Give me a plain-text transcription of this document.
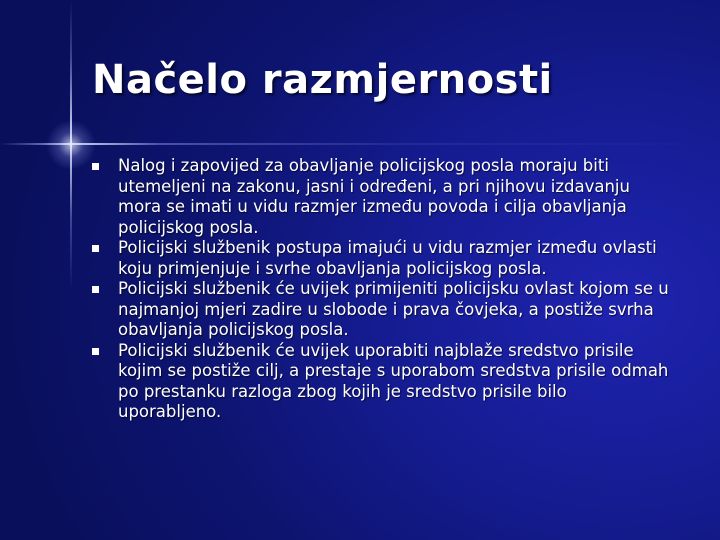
Načelo razmjernosti
Nalog i zapovijed za obavljanje policijskog posla moraju biti utemeljeni na zakonu, jasni i određeni, a pri njihovu izdavanju mora se imati u vidu razmjer između povoda i cilja obavljanja policijskog posla.
Policijski službenik postupa imajući u vidu razmjer između ovlasti koju primjenjuje i svrhe obavljanja policijskog posla.
Policijski službenik će uvijek primijeniti policijsku ovlast kojom se u najmanjoj mjeri zadire u slobode i prava čovjeka, a postiže svrha obavljanja policijskog posla.
Policijski službenik će uvijek uporabiti najblaže sredstvo prisile kojim se postiže cilj, a prestaje s uporabom sredstva prisile odmah po prestanku razloga zbog kojih je sredstvo prisile bilo uporabljeno.
